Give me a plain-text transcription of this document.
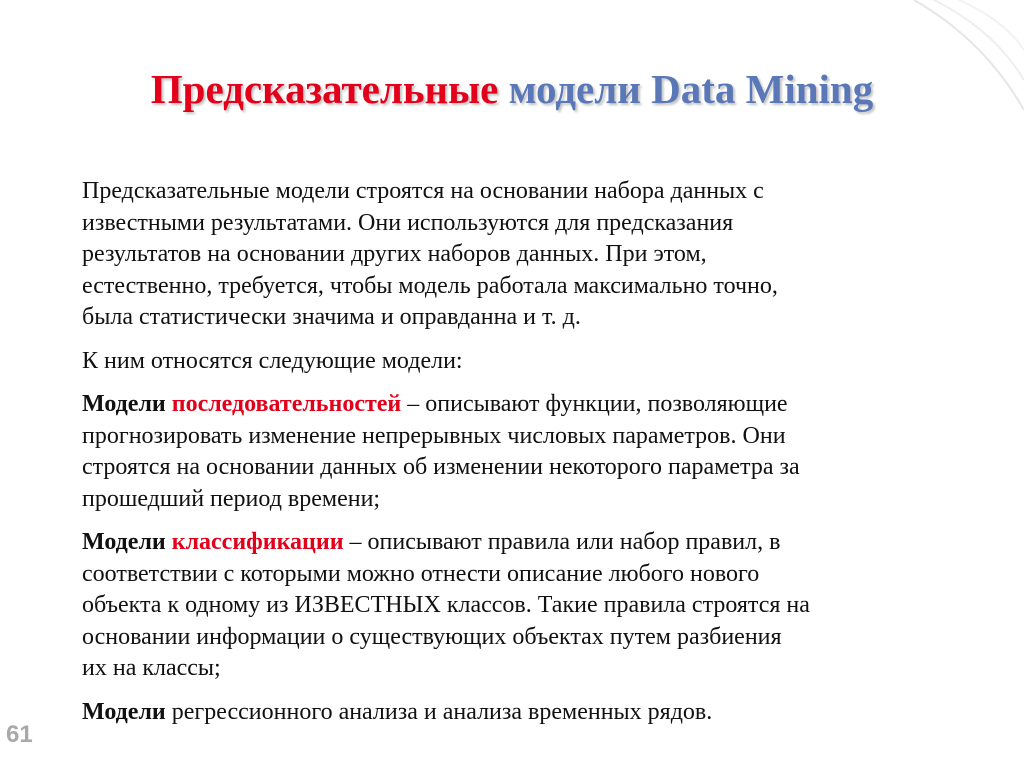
Предсказательные модели Data Mining

Предсказательные модели строятся на основании набора данных с
известными результатами. Они используются для предсказания
результатов на основании других наборов данных. При этом,
естественно, требуется, чтобы модель работала максимально точно,
была статистически значима и оправданна и т. д.

К ним относятся следующие модели:

Модели последовательностей – описывают функции, позволяющие
прогнозировать изменение непрерывных числовых параметров. Они
строятся на основании данных об изменении некоторого параметра за
прошедший период времени;

Модели классификации – описывают правила или набор правил, в
соответствии с которыми можно отнести описание любого нового
объекта к одному из ИЗВЕСТНЫХ классов. Такие правила строятся на
основании информации о существующих объектах путем разбиения
их на классы;

Модели регрессионного анализа и анализа временных рядов.

61
